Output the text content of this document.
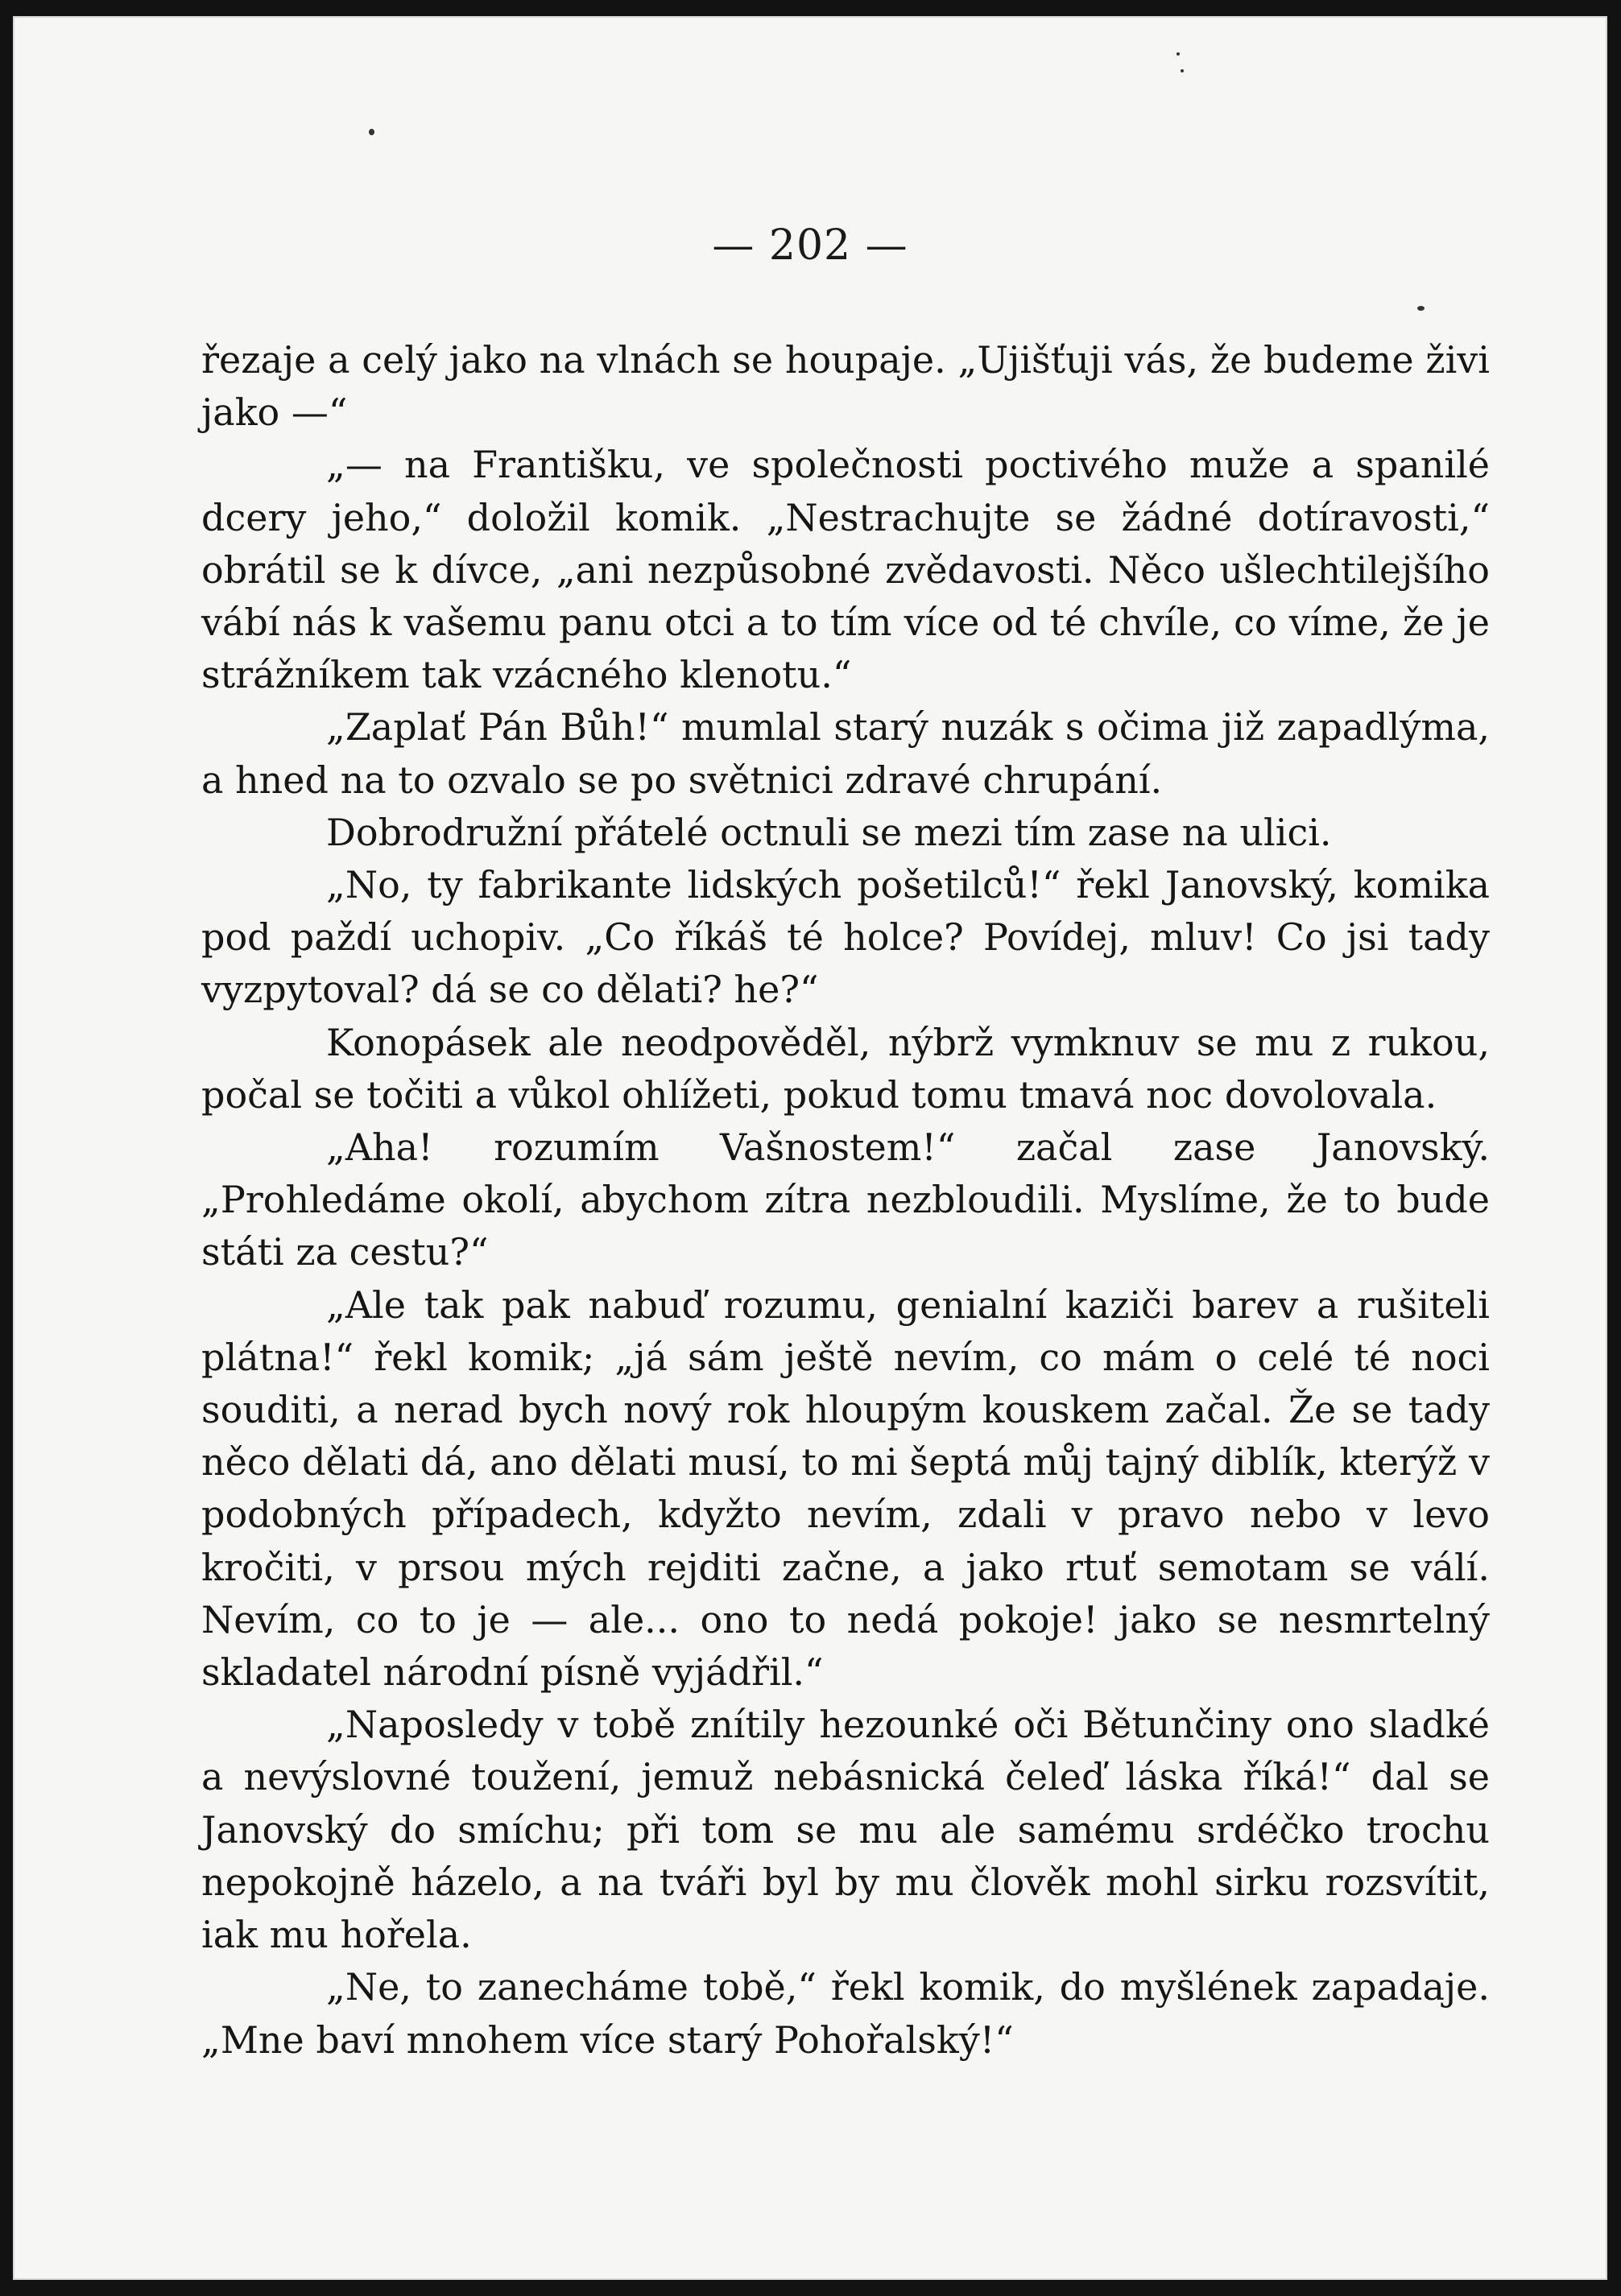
— 202 —

řezaje a celý jako na vlnách se houpaje. „Ujišťuji vás, že budeme živi jako —“

„— na Františku, ve společnosti poctivého muže a spanilé dcery jeho,“ doložil komik. „Nestrachujte se žádné dotíravosti,“ obrátil se k dívce, „ani nezpůsobné zvědavosti. Něco ušlechtilejšího vábí nás k vašemu panu otci a to tím více od té chvíle, co víme, že je strážníkem tak vzácného klenotu.“

„Zaplať Pán Bůh!“ mumlal starý nuzák s očima již zapadlýma, a hned na to ozvalo se po světnici zdravé chrupání.

Dobrodružní přátelé octnuli se mezi tím zase na ulici.

„No, ty fabrikante lidských pošetilců!“ řekl Janovský, komika pod paždí uchopiv. „Co říkáš té holce? Povídej, mluv! Co jsi tady vyzpytoval? dá se co dělati? he?“

Konopásek ale neodpověděl, nýbrž vymknuv se mu z rukou, počal se točiti a vůkol ohlížeti, pokud tomu tmavá noc dovolovala.

„Aha! rozumím Vašnostem!“ začal zase Janovský. „Prohledáme okolí, abychom zítra nezbloudili. Myslíme, že to bude státi za cestu?“

„Ale tak pak nabuď rozumu, genialní kaziči barev a rušiteli plátna!“ řekl komik; „já sám ještě nevím, co mám o celé té noci souditi, a nerad bych nový rok hloupým kouskem začal. Že se tady něco dělati dá, ano dělati musí, to mi šeptá můj tajný diblík, kterýž v podobných případech, kdyžto nevím, zdali v pravo nebo v levo kročiti, v prsou mých rejditi začne, a jako rtuť semotam se válí. Nevím, co to je — ale... ono to nedá pokoje! jako se nesmrtelný skladatel národní písně vyjádřil.“

„Naposledy v tobě znítily hezounké oči Bětunčiny ono sladké a nevýslovné toužení, jemuž nebásnická čeleď láska říká!“ dal se Janovský do smíchu; při tom se mu ale samému srdéčko trochu nepokojně házelo, a na tváři byl by mu člověk mohl sirku rozsvítit, iak mu hořela.

„Ne, to zanecháme tobě,“ řekl komik, do myšlének zapadaje. „Mne baví mnohem více starý Pohořalský!“
